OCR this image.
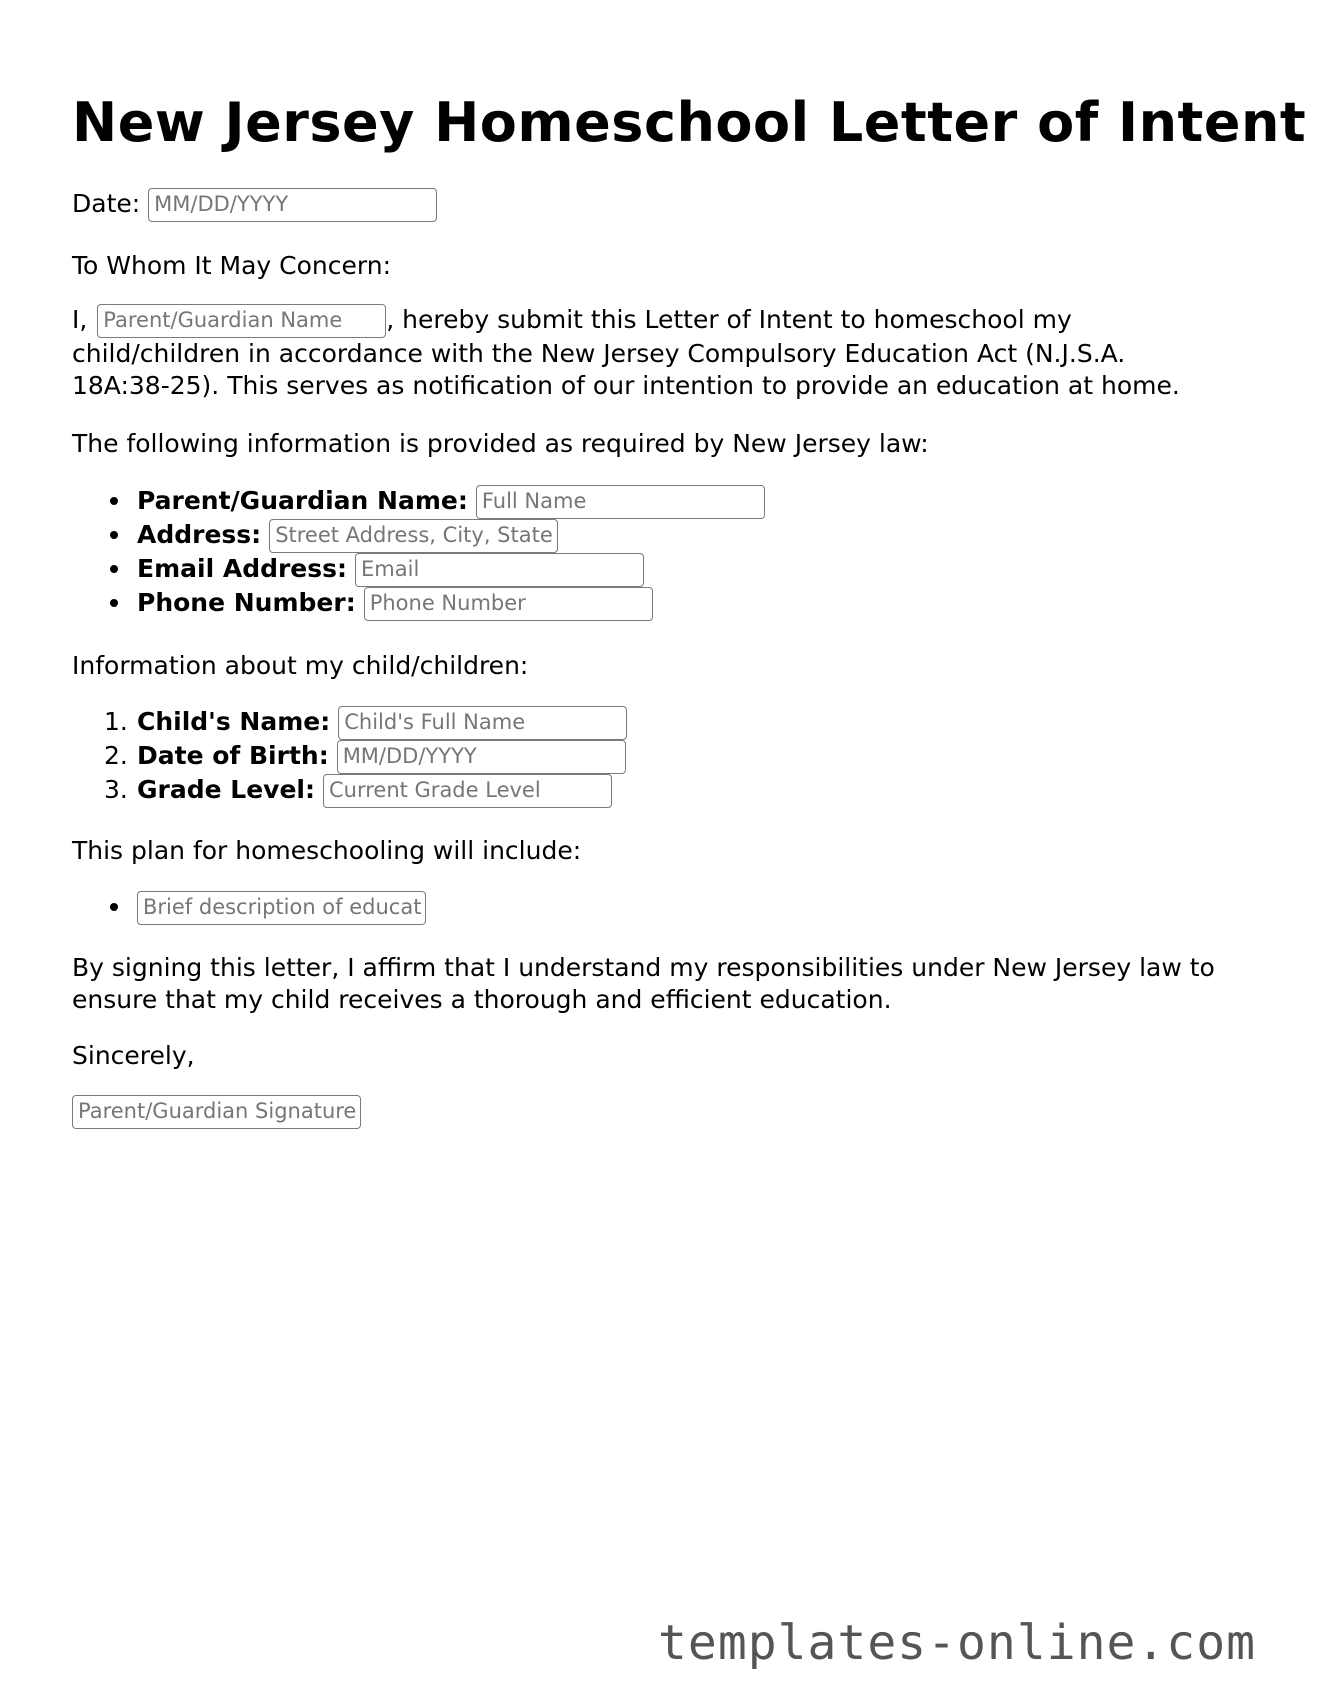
New Jersey Homeschool Letter of Intent

Date: MM/DD/YYYY

To Whom It May Concern:

I, Parent/Guardian Name , hereby submit this Letter of Intent to homeschool my
child/children in accordance with the New Jersey Compulsory Education Act (N.J.S.A.
18A:38-25). This serves as notification of our intention to provide an education at home.

The following information is provided as required by New Jersey law:

Parent/Guardian Name: Full Name
Address: Street Address, City, State
Email Address: Email
Phone Number: Phone Number

Information about my child/children:

1. Child's Name: Child's Full Name
2. Date of Birth: MM/DD/YYYY
3. Grade Level: Current Grade Level

This plan for homeschooling will include:

Brief description of educat

By signing this letter, I affirm that I understand my responsibilities under New Jersey law to
ensure that my child receives a thorough and efficient education.

Sincerely,

Parent/Guardian Signature
templates-online.com
